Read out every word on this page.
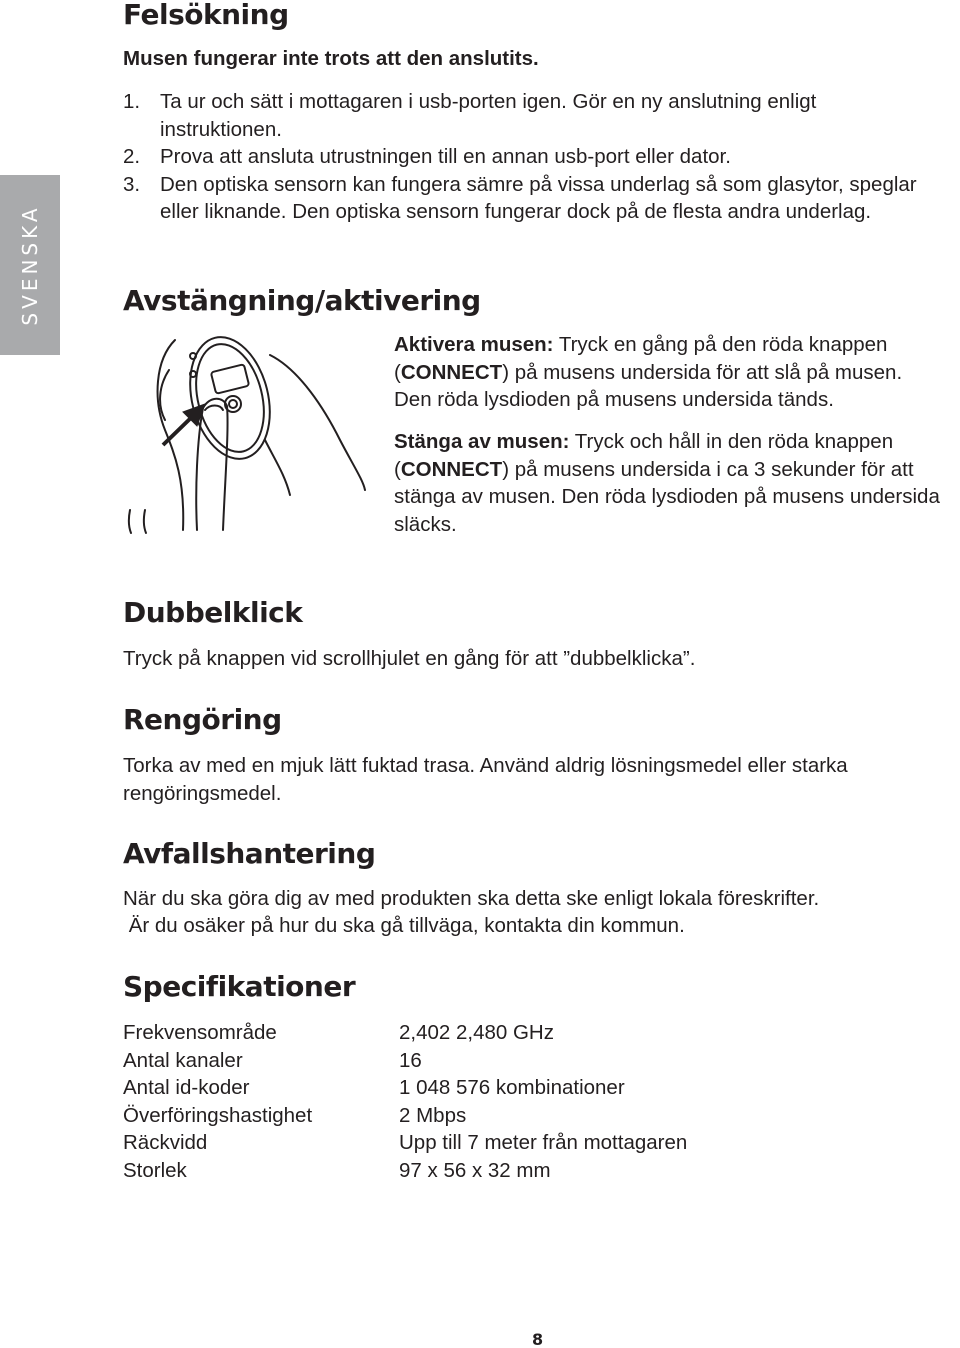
SVENSKA
Felsökning
Musen fungerar inte trots att den anslutits.
1. Ta ur och sätt i mottagaren i usb-porten igen. Gör en ny anslutning enligt instruktionen.
2. Prova att ansluta utrustningen till en annan usb-port eller dator.
3. Den optiska sensorn kan fungera sämre på vissa underlag så som glasytor, speglar eller liknande. Den optiska sensorn fungerar dock på de flesta andra underlag.
Avstängning/aktivering
Aktivera musen: Tryck en gång på den röda knappen (CONNECT) på musens undersida för att slå på musen. Den röda lysdioden på musens undersida tänds.
Stänga av musen: Tryck och håll in den röda knappen (CONNECT) på musens undersida i ca 3 sekunder för att stänga av musen. Den röda lysdioden på musens undersida släcks.
Dubbelklick
Tryck på knappen vid scrollhjulet en gång för att ”dubbelklicka”.
Rengöring
Torka av med en mjuk lätt fuktad trasa. Använd aldrig lösningsmedel eller starka rengöringsmedel.
Avfallshantering
När du ska göra dig av med produkten ska detta ske enligt lokala föreskrifter.
Är du osäker på hur du ska gå tillväga, kontakta din kommun.
Specifikationer
Frekvensområde	2,402 2,480 GHz
Antal kanaler	16
Antal id-koder	1 048 576 kombinationer
Överföringshastighet	2 Mbps
Räckvidd	Upp till 7 meter från mottagaren
Storlek	97 x 56 x 32 mm
8
